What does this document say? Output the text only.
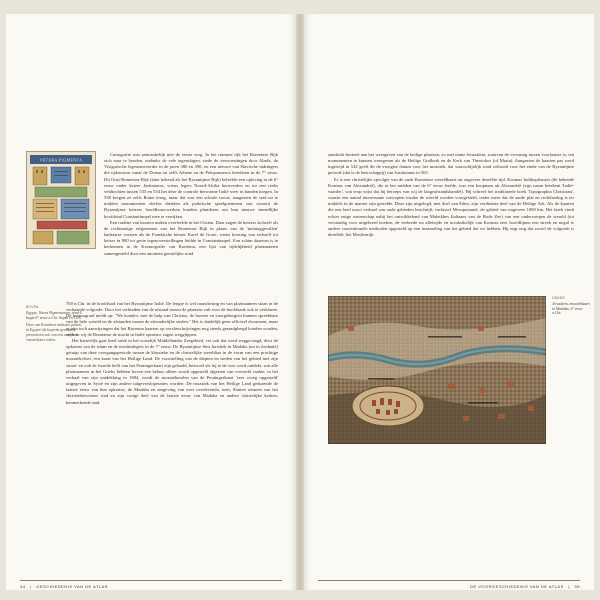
VETERA PIGMENTA

BOVEN
Egypte, Vetera Pigmentorum, rond 6 begin 6° eeuw n.Chr. Stopte en 1530
Deze van Romeinse militaire posten in Egypte (de kopieën gemaakt) presenteren ook van een complete van militaire orden.

Cartografie was aanvankelijk niet de eerste zorg. In het ruimere rijk het Romeinse Rijk zich naar te houden, ondanks de vele tegenslagen, stede de verwoestingen door Alarik, de Visigotische legeraanvoerder in de jaren 380 en 390, en een nieuwe van Slavische indringers die tijdstroom vanaf de Donau en zelfs Athene en de Peloponnesos bereikten in de 7° eeuw. Dit Oost-Romeinse Rijk (later bekend als het Byzantijnse Rijk) beleefde een opleving in de 6° eeuw onder keizer Justinianus, wiens legers Noord-Afrika heroverden en nu een reeks veldtochten tussen 535 en 554 het deze de controle herwonne Italië weer in handen kregen. In 538 kregen ze zelfs Rome terug, maar dat was een schrale troost, aangezien de stad nu te midden monumenten slechts dienden als praktische speelgoemmen van waaruit de Byzantijnse keizers hoofdbouwwerken konden plunderen om hun nieuwe stenedlijke hoofdstad Constantinopel mee te verrijken.

Een traditie van kaarten maken overleefde in het Oosten. Daar zagen de keizers zichzelf als de rechtmatige erfgenamen van het Romeinse Rijk in plaats van de 'imitaoggevallen' barbaarse vorsten als de Frankische keurer Karel de Grote, wiens kroning van zichzelf tot keizer in 800 tot grote tegenoverstellingen leidde in Constantinopel. Een schim daarvan is te herkennen in de Kosmografie van Ravenna, een lijst van tijdelijkheid plaatsnamen samengesteld door een anoniem geestelijke rond

700 n.Chr. in de hoofdstad van het Byzantijnse Italië. De lengte is wel nauwkeurig en van plaatsnamen staan in de verbaande volgorde. Door het verbinden van de afstand tussen de plaatsen valt over de hoofdzaak ook te verklaren. De kosmograaf meldt op: "We konden, met de hulp van Christus, de havens en voorgebergten kunnen spreekbare van de hele wereld en de afstanden tussen de afzonderlijke steden." Het is duidelijk geen officieel document, maar er zijn toch aanwijzingen dat het Ravenna kaarten op oorsbeschrijvingen nog steeds geraadpleegd konden worden, zelfs in wij de Romeinse de macht in Italië opnieuw zagen wegglippen.

Het kartefeljk gaat hierl sterk in het oostelijk Middellandse Zeegebied, vet ook dat werd weggevaagd, door de opkomst van de islam en de moslimlegers in de 7° eeuw. De Byzantijnse Sint Jorishek in Madaba (nu in Jordanië) getuigt van deze overgangsperiode tussen de klassieke en de christelijke wereldtaa in de vorm van een prachtige mozaïekvloer, een kaart van het Heilige Land. De voorstelling van de diepten en steden van het gebied met zijn straat- en ook de tweede helft van het Peutingerkaart zijn gebaald, bezwoel als hij te de voer werd ontdekt, wat alle plaatsnamen in het Grieks hebben boven een helaas alleen wordt opgesteld afgezien van verwerkt raakte; in het verhaal van zijn ontdekking in 1884, wordt de mozaïekmolen van de Peutingerkaart 'zeer vroeg opgesteld' uitgegeven in Syrië en zijn andere uitgeversloperaties worden. De mozaïek van het Heilige Land gedurende de laatste eeuw van hun opkomst, de Madaba en omgeving van over overlevenda, toen, Sluiten steunen van het christenbewoners stad en zijn vorige deel van de laatste eeuw van Madaba en andere christelijke kerken, kenmerkende stad.

34 | GESCHIEDENIS VAN DE ATLAS

aandacht besteed aan het weergeven van de heilige plaatsen, zo met name Jeruzalem, waarvan de versaring tussen voorlaatste is, ten monumenten te kunnen weergeven als de Heilige Grafkerk en de Kerk van Theotokos (of Maria). Aangezien de kaarten pas werd ingewijd in 542 geeft dit de vroegste datum voor het mozaïek, dat waarschijnlijk rond voltooid voor het einde van de Byzantijnse periode (dat is de heerschappij) van Justinianus in 565.

Er is een christelijke opvolger van de oude Romeinse wereldkaart uit ongeveer dezelfde tijd. Kosmas Indikopleustes (de bekende Kosmas van Alexandrië), die in het midden van de 6° eeuw leefde, was een koopman uit Alexandrië (zijn naam betekent 'Indië-vaarder', wat erop wijst dat hij beroeps van wij de langeafstandshandel). Hij schreef het traditionele boek 'Topographia Christiana', waarin een aantal interessante concepten inzake de wereld worden voorgesteld, onder meer dat de aarde plat en rechthoekig is ter middels in de manier zijn gestelde. Deze zijn uitgelegd, met doel van Eden, zijn verdienste deel van de Heilige Ark. Als de kaarten die een heel mooi verhaal van oude gebieden beschrijft, inclusief Mesopotamië, de gebied van ongeveer 1000 km. Het boek vindt echter enige wetenschap nabij het ontwikkelend van Maleikhes Italiaans van de Rode Zee) van een onderwerpen de wereld (tot verstandig voor uitgebreid boeken, de verbrede tot allelzijde en noodzakelijk van Kosmas zeer hoofdlijnen een streek en nogal te andere conventionele methoden opgesteld op een inzameling van het gebied dat we hebben, Hij zegt nog dat zowel de volgorde is dezelfde, het Moslimrijk.

ONDER
Jerusalem, mozaïekkaart in Madaba, 6° eeuw n.Chr.

DE VOORGESCHIEDENIS VAN DE ATLAS | 35
